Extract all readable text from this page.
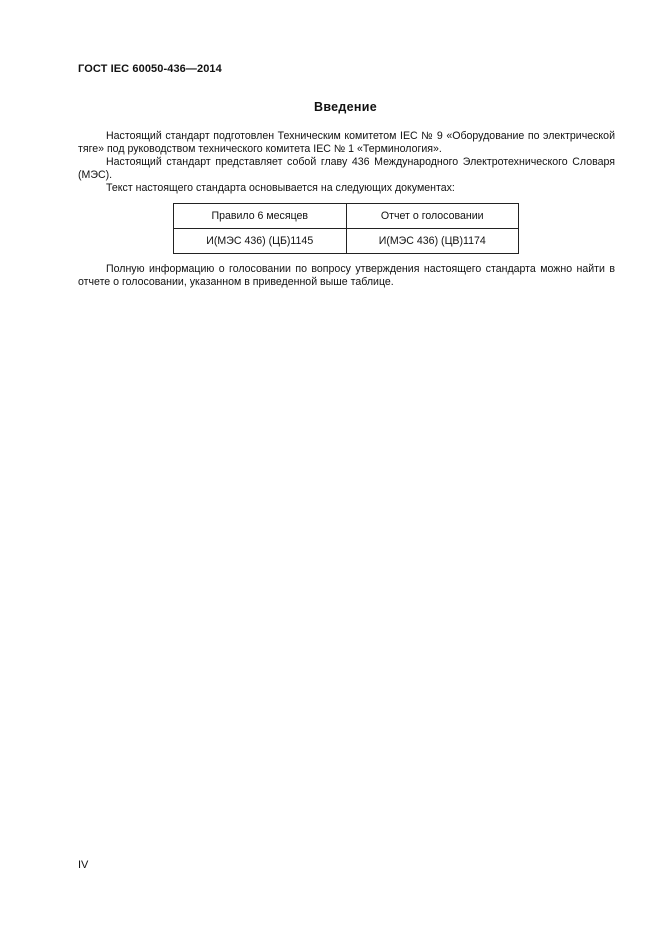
ГОСТ IEC 60050-436—2014
Введение

Настоящий стандарт подготовлен Техническим комитетом IEC № 9 «Оборудование по электрической тяге» под руководством технического комитета IEC № 1 «Терминология».

Настоящий стандарт представляет собой главу 436 Международного Электротехнического Словаря (МЭС).

Текст настоящего стандарта основывается на следующих документах:

Правило 6 месяцев	Отчет о голосовании
И(МЭС 436) (ЦБ)1145	И(МЭС 436) (ЦВ)1174

Полную информацию о голосовании по вопросу утверждения настоящего стандарта можно найти в отчете о голосовании, указанном в приведенной выше таблице.

IV
